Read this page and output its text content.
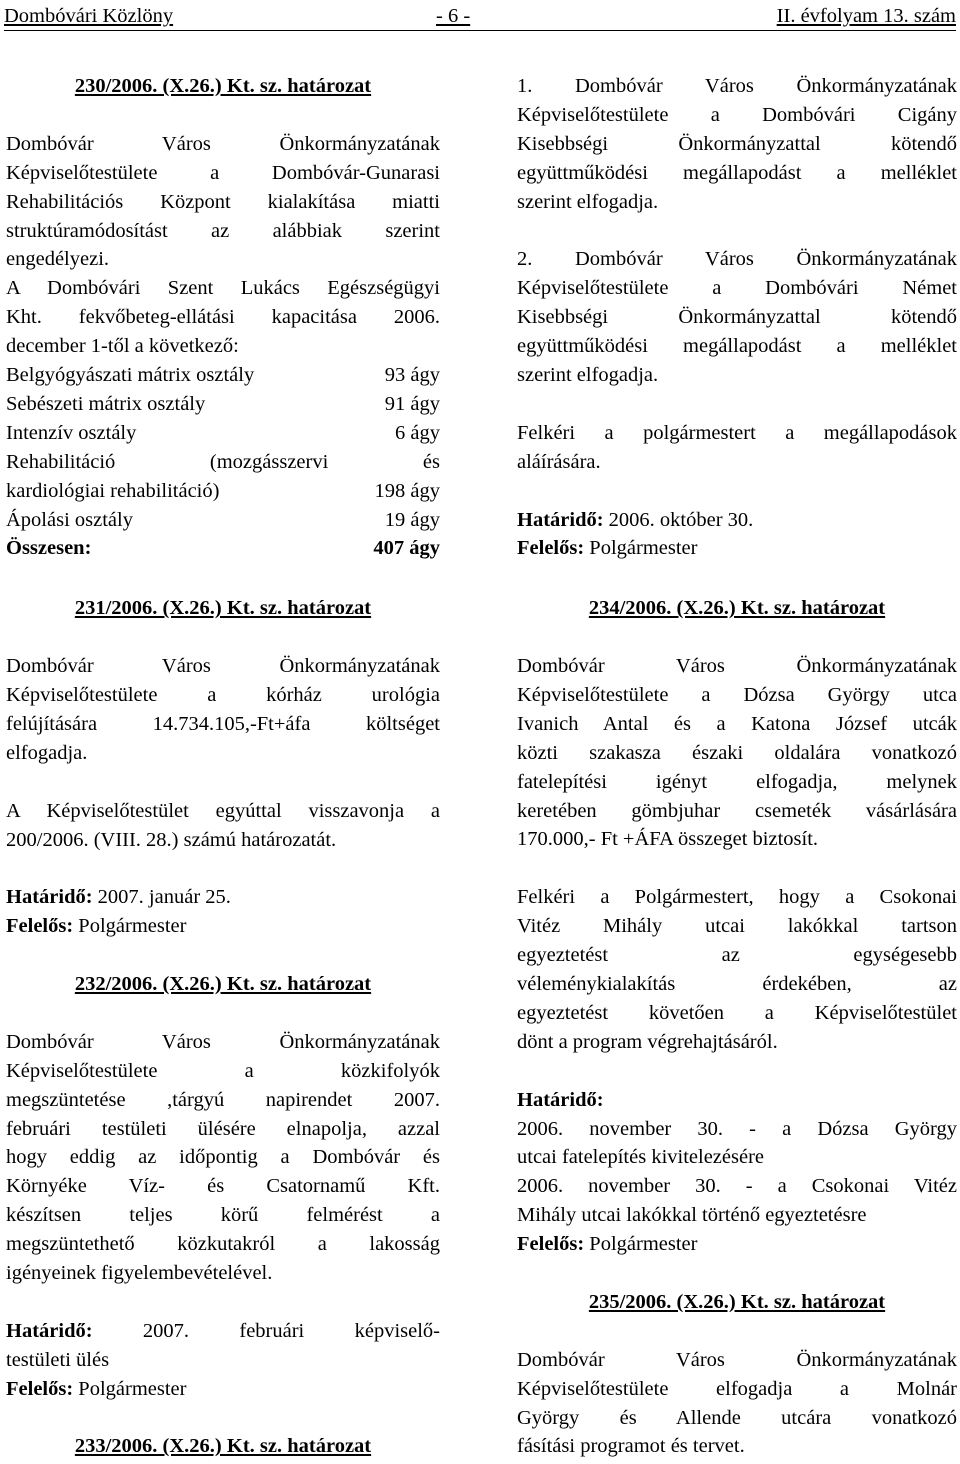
Dombóvári Közlöny	- 6 -	II. évfolyam 13. szám
230/2006. (X.26.) Kt. sz. határozat
Dombóvár Város Önkormányzatának
Képviselőtestülete a Dombóvár-Gunarasi
Rehabilitációs Központ kialakítása miatti
struktúramódosítást az alábbiak szerint
engedélyezi.
A Dombóvári Szent Lukács Egészségügyi
Kht. fekvőbeteg-ellátási kapacitása 2006.
december 1-től a következő:
Belgyógyászati mátrix osztály	93 ágy
Sebészeti mátrix osztály	91 ágy
Intenzív osztály	6 ágy
Rehabilitáció (mozgásszervi és
kardiológiai rehabilitáció)	198 ágy
Ápolási osztály	19 ágy
Összesen:	407 ágy
231/2006. (X.26.) Kt. sz. határozat
Dombóvár Város Önkormányzatának
Képviselőtestülete a kórház urológia
felújítására 14.734.105,-Ft+áfa költséget
elfogadja.
A Képviselőtestület egyúttal visszavonja a
200/2006. (VIII. 28.) számú határozatát.
Határidő: 2007. január 25.
Felelős: Polgármester
232/2006. (X.26.) Kt. sz. határozat
Dombóvár Város Önkormányzatának
Képviselőtestülete a közkifolyók
megszüntetése ,tárgyú napirendet 2007.
februári testületi ülésére elnapolja, azzal
hogy eddig az időpontig a Dombóvár és
Környéke Víz- és Csatornamű Kft.
készítsen teljes körű felmérést a
megszüntethető közkutakról a lakosság
igényeinek figyelembevételével.
Határidő: 2007. februári képviselő-
testületi ülés
Felelős: Polgármester
233/2006. (X.26.) Kt. sz. határozat
1. Dombóvár Város Önkormányzatának
Képviselőtestülete a Dombóvári Cigány
Kisebbségi Önkormányzattal kötendő
együttműködési megállapodást a melléklet
szerint elfogadja.
2. Dombóvár Város Önkormányzatának
Képviselőtestülete a Dombóvári Német
Kisebbségi Önkormányzattal kötendő
együttműködési megállapodást a melléklet
szerint elfogadja.
Felkéri a polgármestert a megállapodások
aláírására.
Határidő: 2006. október 30.
Felelős: Polgármester
234/2006. (X.26.) Kt. sz. határozat
Dombóvár Város Önkormányzatának
Képviselőtestülete a Dózsa György utca
Ivanich Antal és a Katona József utcák
közti szakasza északi oldalára vonatkozó
fatelepítési igényt elfogadja, melynek
keretében gömbjuhar csemeték vásárlására
170.000,- Ft +ÁFA összeget biztosít.
Felkéri a Polgármestert, hogy a Csokonai
Vitéz Mihály utcai lakókkal tartson
egyeztetést az egységesebb
véleménykialakítás érdekében, az
egyeztetést követően a Képviselőtestület
dönt a program végrehajtásáról.
Határidő:
2006. november 30. - a Dózsa György
utcai fatelepítés kivitelezésére
2006. november 30. - a Csokonai Vitéz
Mihály utcai lakókkal történő egyeztetésre
Felelős: Polgármester
235/2006. (X.26.) Kt. sz. határozat
Dombóvár Város Önkormányzatának
Képviselőtestülete elfogadja a Molnár
György és Allende utcára vonatkozó
fásítási programot és tervet.
